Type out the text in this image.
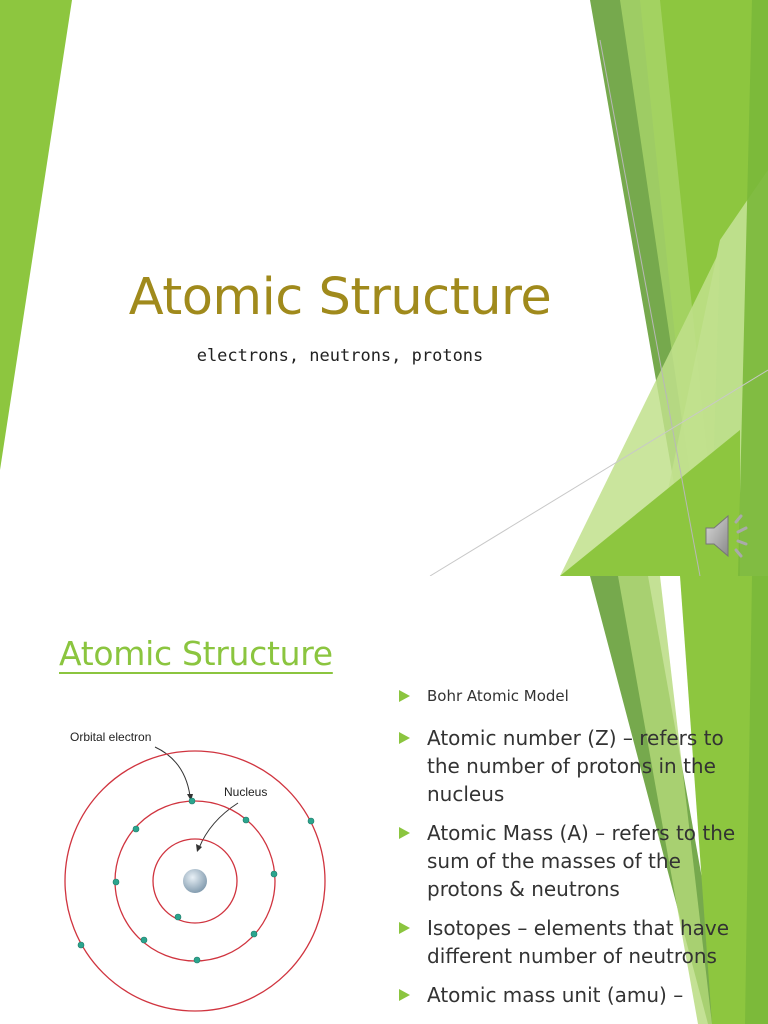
Atomic Structure
electrons, neutrons, protons
Atomic Structure
Orbital electron
Nucleus
Bohr Atomic Model
Atomic number (Z) – refers to the number of protons in the nucleus
Atomic Mass (A) – refers to the sum of the masses of the protons & neutrons
Isotopes – elements that have different number of neutrons
Atomic mass unit (amu) –
